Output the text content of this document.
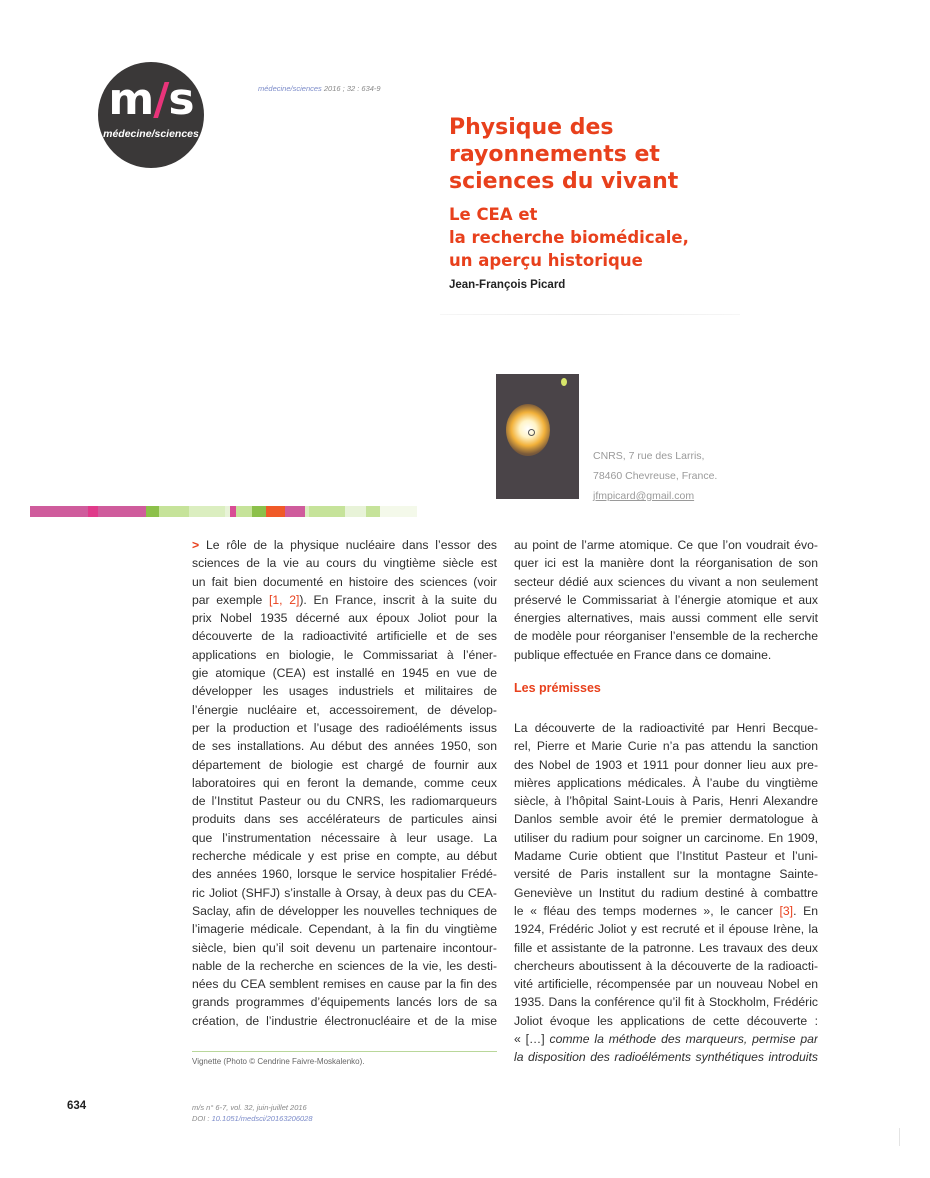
m/s
médecine/sciences
médecine/sciences 2016 ; 32 : 634-9
Physique des
rayonnements et
sciences du vivant
Le CEA et
la recherche biomédicale,
un aperçu historique
Jean-François Picard
CNRS, 7 rue des Larris,
78460 Chevreuse, France.
jfmpicard@gmail.com
> Le rôle de la physique nucléaire dans l’essor des
sciences de la vie au cours du vingtième siècle est
un fait bien documenté en histoire des sciences (voir
par exemple [1, 2]). En France, inscrit à la suite du
prix Nobel 1935 décerné aux époux Joliot pour la
découverte de la radioactivité artificielle et de ses
applications en biologie, le Commissariat à l’éner-
gie atomique (CEA) est installé en 1945 en vue de
développer les usages industriels et militaires de
l’énergie nucléaire et, accessoirement, de dévelop-
per la production et l’usage des radioéléments issus
de ses installations. Au début des années 1950, son
département de biologie est chargé de fournir aux
laboratoires qui en feront la demande, comme ceux
de l’Institut Pasteur ou du CNRS, les radiomarqueurs
produits dans ses accélérateurs de particules ainsi
que l’instrumentation nécessaire à leur usage. La
recherche médicale y est prise en compte, au début
des années 1960, lorsque le service hospitalier Frédé-
ric Joliot (SHFJ) s’installe à Orsay, à deux pas du CEA-
Saclay, afin de développer les nouvelles techniques de
l’imagerie médicale. Cependant, à la fin du vingtième
siècle, bien qu’il soit devenu un partenaire incontour-
nable de la recherche en sciences de la vie, les desti-
nées du CEA semblent remises en cause par la fin des
grands programmes d’équipements lancés lors de sa
création, de l’industrie électronucléaire et de la mise
au point de l’arme atomique. Ce que l’on voudrait évo-
quer ici est la manière dont la réorganisation de son
secteur dédié aux sciences du vivant a non seulement
préservé le Commissariat à l’énergie atomique et aux
énergies alternatives, mais aussi comment elle servit
de modèle pour réorganiser l’ensemble de la recherche
publique effectuée en France dans ce domaine.
Les prémisses
La découverte de la radioactivité par Henri Becque-
rel, Pierre et Marie Curie n’a pas attendu la sanction
des Nobel de 1903 et 1911 pour donner lieu aux pre-
mières applications médicales. À l’aube du vingtième
siècle, à l’hôpital Saint-Louis à Paris, Henri Alexandre
Danlos semble avoir été le premier dermatologue à
utiliser du radium pour soigner un carcinome. En 1909,
Madame Curie obtient que l’Institut Pasteur et l’uni-
versité de Paris installent sur la montagne Sainte-
Geneviève un Institut du radium destiné à combattre
le « fléau des temps modernes », le cancer [3]. En
1924, Frédéric Joliot y est recruté et il épouse Irène, la
fille et assistante de la patronne. Les travaux des deux
chercheurs aboutissent à la découverte de la radioacti-
vité artificielle, récompensée par un nouveau Nobel en
1935. Dans la conférence qu’il fit à Stockholm, Frédéric
Joliot évoque les applications de cette découverte :
« […] comme la méthode des marqueurs, permise par
la disposition des radioéléments synthétiques introduits
Vignette (Photo © Cendrine Faivre-Moskalenko).
634	m/s n° 6-7, vol. 32, juin-juillet 2016
DOI : 10.1051/medsci/20163206028
